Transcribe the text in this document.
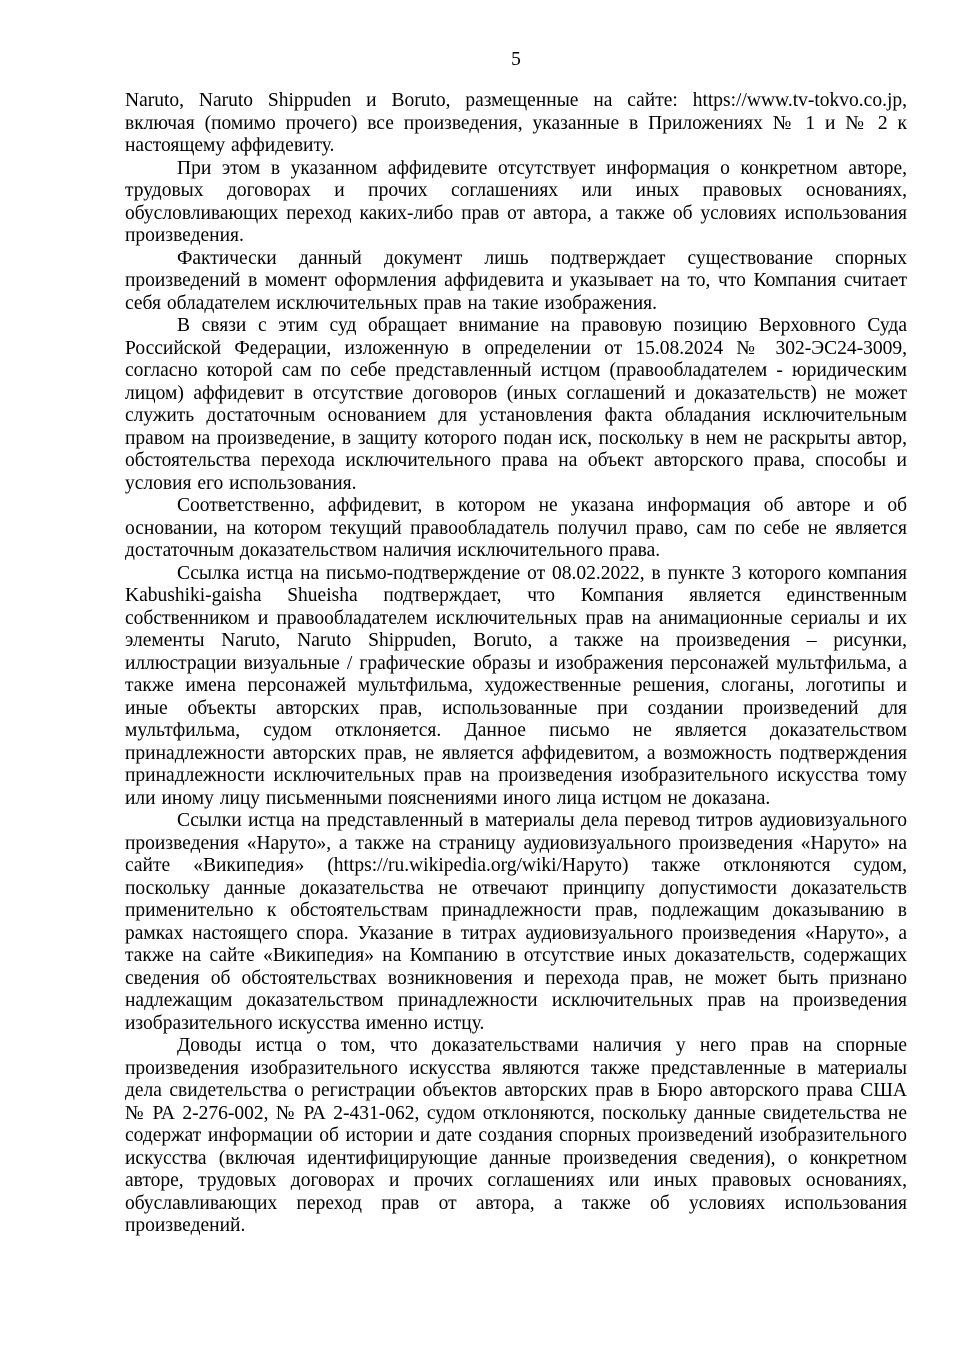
5

Naruto, Naruto Shippuden и Boruto, размещенные на сайте: https://www.tv-tokvo.co.jp, включая (помимо прочего) все произведения, указанные в Приложениях № 1 и № 2 к настоящему аффидевиту.

При этом в указанном аффидевите отсутствует информация о конкретном авторе, трудовых договорах и прочих соглашениях или иных правовых основаниях, обусловливающих переход каких-либо прав от автора, а также об условиях использования произведения.

Фактически данный документ лишь подтверждает существование спорных произведений в момент оформления аффидевита и указывает на то, что Компания считает себя обладателем исключительных прав на такие изображения.

В связи с этим суд обращает внимание на правовую позицию Верховного Суда Российской Федерации, изложенную в определении от 15.08.2024 № 302-ЭС24-3009, согласно которой сам по себе представленный истцом (правообладателем - юридическим лицом) аффидевит в отсутствие договоров (иных соглашений и доказательств) не может служить достаточным основанием для установления факта обладания исключительным правом на произведение, в защиту которого подан иск, поскольку в нем не раскрыты автор, обстоятельства перехода исключительного права на объект авторского права, способы и условия его использования.

Соответственно, аффидевит, в котором не указана информация об авторе и об основании, на котором текущий правообладатель получил право, сам по себе не является достаточным доказательством наличия исключительного права.

Ссылка истца на письмо-подтверждение от 08.02.2022, в пункте 3 которого компания Kabushiki-gaisha Shueisha подтверждает, что Компания является единственным собственником и правообладателем исключительных прав на анимационные сериалы и их элементы Naruto, Naruto Shippuden, Boruto, а также на произведения – рисунки, иллюстрации визуальные / графические образы и изображения персонажей мультфильма, а также имена персонажей мультфильма, художественные решения, слоганы, логотипы и иные объекты авторских прав, использованные при создании произведений для мультфильма, судом отклоняется. Данное письмо не является доказательством принадлежности авторских прав, не является аффидевитом, а возможность подтверждения принадлежности исключительных прав на произведения изобразительного искусства тому или иному лицу письменными пояснениями иного лица истцом не доказана.

Ссылки истца на представленный в материалы дела перевод титров аудиовизуального произведения «Наруто», а также на страницу аудиовизуального произведения «Наруто» на сайте «Википедия» (https://ru.wikipedia.org/wiki/Наруто) также отклоняются судом, поскольку данные доказательства не отвечают принципу допустимости доказательств применительно к обстоятельствам принадлежности прав, подлежащим доказыванию в рамках настоящего спора. Указание в титрах аудиовизуального произведения «Наруто», а также на сайте «Википедия» на Компанию в отсутствие иных доказательств, содержащих сведения об обстоятельствах возникновения и перехода прав, не может быть признано надлежащим доказательством принадлежности исключительных прав на произведения изобразительного искусства именно истцу.

Доводы истца о том, что доказательствами наличия у него прав на спорные произведения изобразительного искусства являются также представленные в материалы дела свидетельства о регистрации объектов авторских прав в Бюро авторского права США № РА 2-276-002, № РА 2-431-062, судом отклоняются, поскольку данные свидетельства не содержат информации об истории и дате создания спорных произведений изобразительного искусства (включая идентифицирующие данные произведения сведения), о конкретном авторе, трудовых договорах и прочих соглашениях или иных правовых основаниях, обуславливающих переход прав от автора, а также об условиях использования произведений.
